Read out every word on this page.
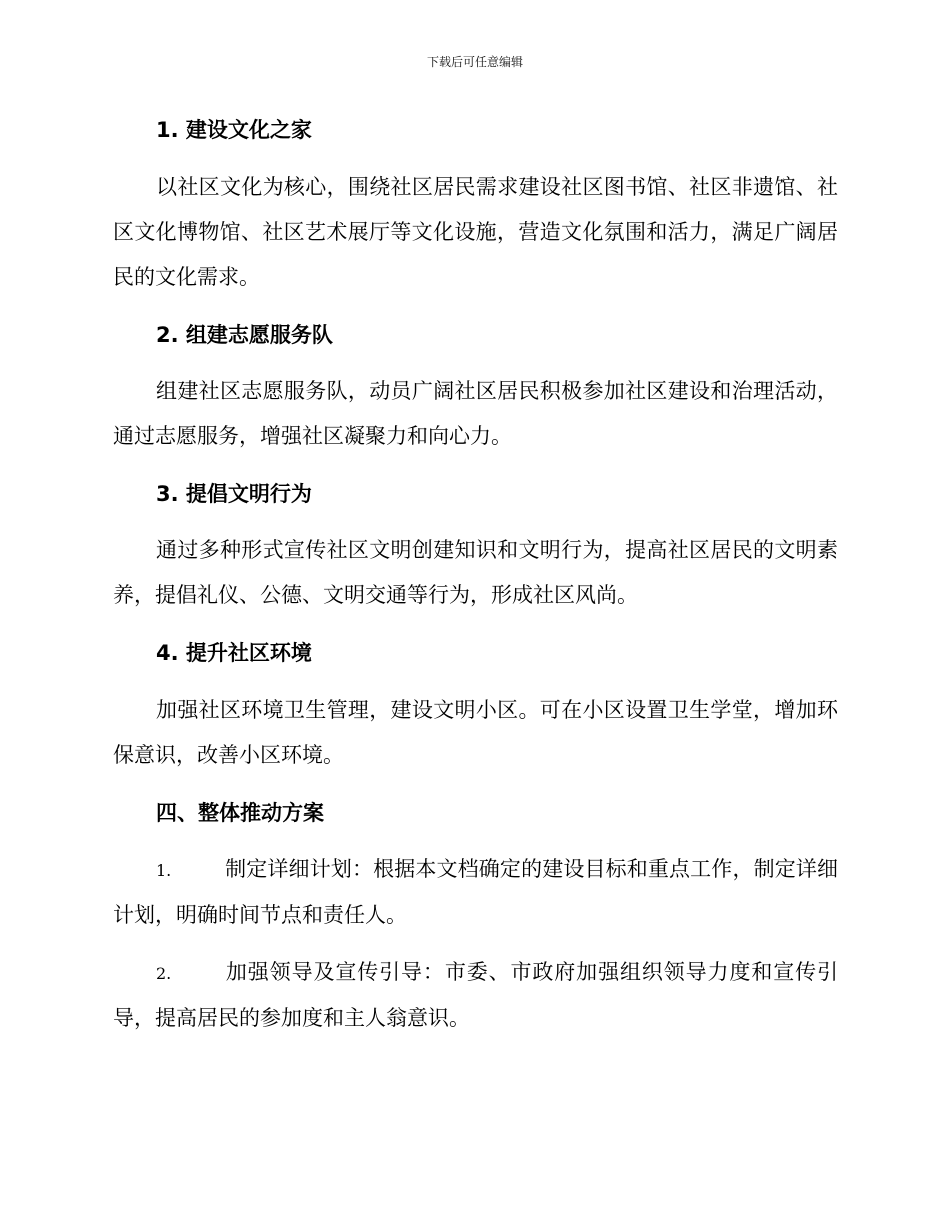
下载后可任意编辑
1. 建设文化之家

以社区文化为核心，围绕社区居民需求建设社区图书馆、社区非遗馆、社区文化博物馆、社区艺术展厅等文化设施，营造文化氛围和活力，满足广阔居民的文化需求。

2. 组建志愿服务队

组建社区志愿服务队，动员广阔社区居民积极参加社区建设和治理活动，通过志愿服务，增强社区凝聚力和向心力。

3. 提倡文明行为

通过多种形式宣传社区文明创建知识和文明行为，提高社区居民的文明素养，提倡礼仪、公德、文明交通等行为，形成社区风尚。

4. 提升社区环境

加强社区环境卫生管理，建设文明小区。可在小区设置卫生学堂，增加环保意识，改善小区环境。

四、整体推动方案

1.	制定详细计划：根据本文档确定的建设目标和重点工作，制定详细计划，明确时间节点和责任人。

2.	加强领导及宣传引导：市委、市政府加强组织领导力度和宣传引导，提高居民的参加度和主人翁意识。
